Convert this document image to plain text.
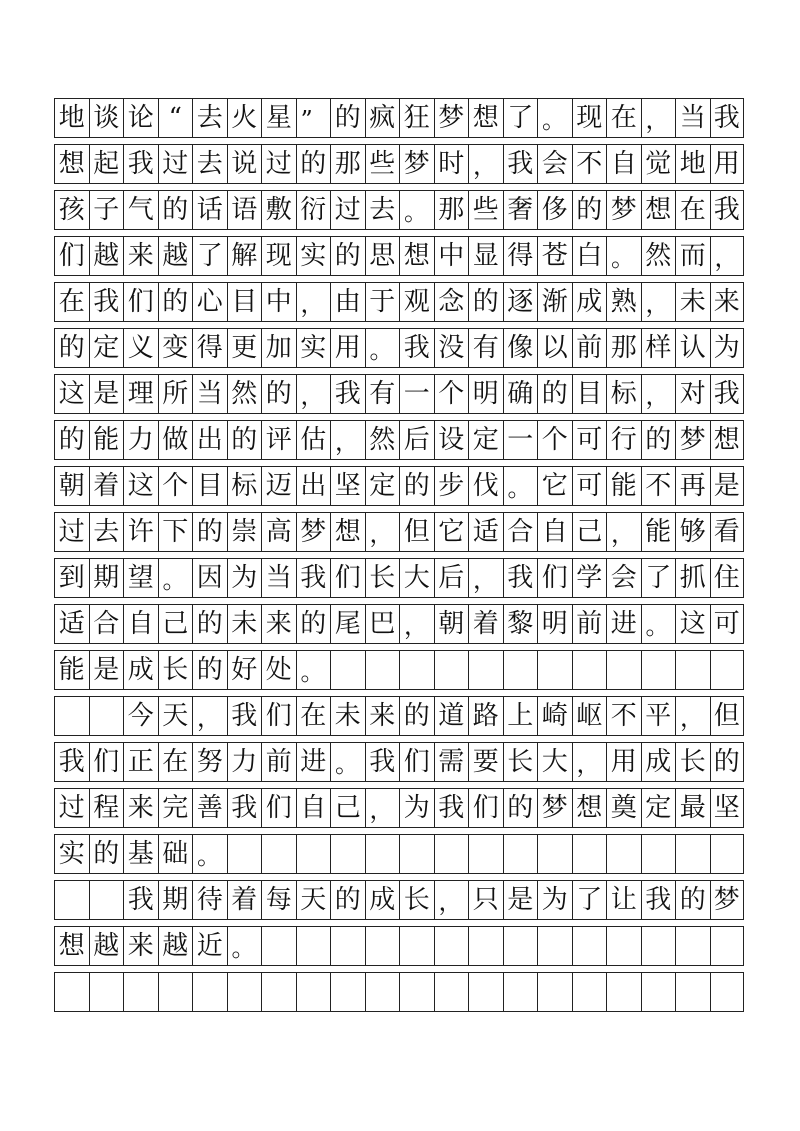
地 谈 论 “ 去 火 星 ” 的 疯 狂 梦 想 了 。 现 在 ， 当 我
想 起 我 过 去 说 过 的 那 些 梦 时 ， 我 会 不 自 觉 地 用
孩 子 气 的 话 语 敷 衍 过 去 。 那 些 奢 侈 的 梦 想 在 我
们 越 来 越 了 解 现 实 的 思 想 中 显 得 苍 白 。 然 而 ，
在 我 们 的 心 目 中 ， 由 于 观 念 的 逐 渐 成 熟 ， 未 来
的 定 义 变 得 更 加 实 用 。 我 没 有 像 以 前 那 样 认 为
这 是 理 所 当 然 的 ， 我 有 一 个 明 确 的 目 标 ， 对 我
的 能 力 做 出 的 评 估 ， 然 后 设 定 一 个 可 行 的 梦 想
朝 着 这 个 目 标 迈 出 坚 定 的 步 伐 。 它 可 能 不 再 是
过 去 许 下 的 崇 高 梦 想 ， 但 它 适 合 自 己 ， 能 够 看
到 期 望 。 因 为 当 我 们 长 大 后 ， 我 们 学 会 了 抓 住
适 合 自 己 的 未 来 的 尾 巴 ， 朝 着 黎 明 前 进 。 这 可
能 是 成 长 的 好 处 。
今 天 ， 我 们 在 未 来 的 道 路 上 崎 岖 不 平 ， 但
我 们 正 在 努 力 前 进 。 我 们 需 要 长 大 ， 用 成 长 的
过 程 来 完 善 我 们 自 己 ， 为 我 们 的 梦 想 奠 定 最 坚
实 的 基 础 。
我 期 待 着 每 天 的 成 长 ， 只 是 为 了 让 我 的 梦
想 越 来 越 近 。
